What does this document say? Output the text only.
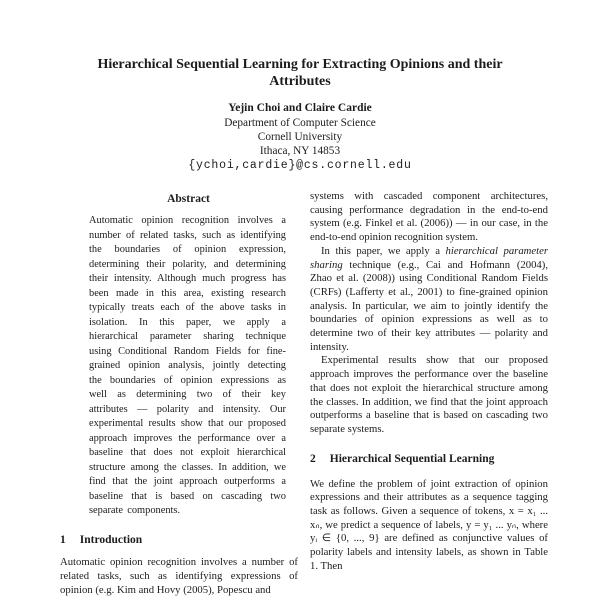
Hierarchical Sequential Learning for Extracting Opinions and their
Attributes
Yejin Choi and Claire Cardie
Department of Computer Science
Cornell University
Ithaca, NY 14853
{ychoi,cardie}@cs.cornell.edu
Abstract
Automatic opinion recognition involves a number of related tasks, such as identifying the boundaries of opinion expression, determining their polarity, and determining their intensity. Although much progress has been made in this area, existing research typically treats each of the above tasks in isolation. In this paper, we apply a hierarchical parameter sharing technique using Conditional Random Fields for fine-grained opinion analysis, jointly detecting the boundaries of opinion expressions as well as determining two of their key attributes — polarity and intensity. Our experimental results show that our proposed approach improves the performance over a baseline that does not exploit hierarchical structure among the classes. In addition, we find that the joint approach outperforms a baseline that is based on cascading two separate components.
1 Introduction
Automatic opinion recognition involves a number of related tasks, such as identifying expressions of opinion (e.g. Kim and Hovy (2005), Popescu and

systems with cascaded component architectures, causing performance degradation in the end-to-end system (e.g. Finkel et al. (2006)) — in our case, in the end-to-end opinion recognition system.

In this paper, we apply a hierarchical parameter sharing technique (e.g., Cai and Hofmann (2004), Zhao et al. (2008)) using Conditional Random Fields (CRFs) (Lafferty et al., 2001) to fine-grained opinion analysis. In particular, we aim to jointly identify the boundaries of opinion expressions as well as to determine two of their key attributes — polarity and intensity.

Experimental results show that our proposed approach improves the performance over the baseline that does not exploit the hierarchical structure among the classes. In addition, we find that the joint approach outperforms a baseline that is based on cascading two separate systems.

2 Hierarchical Sequential Learning

We define the problem of joint extraction of opinion expressions and their attributes as a sequence tagging task as follows. Given a sequence of tokens, x = x₁ ... xₙ, we predict a sequence of labels, y = y₁ ... yₙ, where yᵢ ∈ {0, ..., 9} are defined as conjunctive values of polarity labels and intensity labels, as shown in Table 1. Then
